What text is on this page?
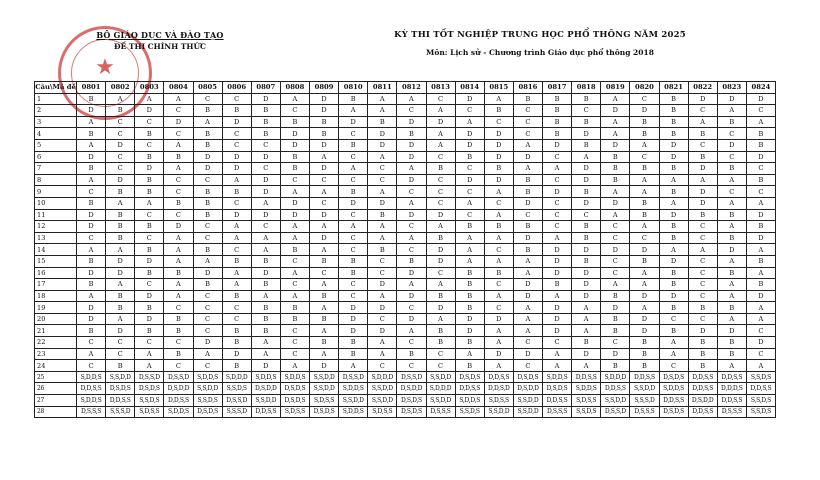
★
BỘ GIÁO DỤC VÀ ĐÀO TẠO
ĐỀ THI CHÍNH THỨC
KỲ THI TỐT NGHIỆP TRUNG HỌC PHỔ THÔNG NĂM 2025
Môn: Lịch sử - Chương trình Giáo dục phổ thông 2018
Câu\Mã đề	0801	0802	0803	0804	0805	0806	0807	0808	0809	0810	0811	0812	0813	0814	0815	0816	0817	0818	0819	0820	0821	0822	0823	0824
1	B	A	A	A	C	C	D	A	D	B	A	A	C	D	A	B	B	B	A	C	B	D	D	D
2	D	B	D	C	B	B	B	C	D	A	A	C	A	C	B	C	B	C	D	D	B	C	A	C
3	A	C	C	D	A	D	B	B	B	D	B	D	D	A	C	C	B	B	A	B	B	A	B	A
4	B	C	B	C	B	C	B	D	B	C	D	B	A	D	D	C	B	D	A	B	B	B	C	B
5	A	D	C	A	B	C	C	D	D	B	D	D	A	D	D	A	D	B	D	A	D	C	D	B
6	D	C	B	B	D	D	D	B	A	C	A	D	C	B	D	D	C	A	B	C	D	B	C	D
7	B	C	D	A	D	D	C	B	D	A	C	A	B	C	B	A	A	D	B	B	B	D	B	C
8	A	D	B	C	C	A	D	C	C	C	C	D	C	D	D	B	C	D	B	A	A	A	A	B
9	C	B	B	C	B	B	D	A	A	B	A	C	C	C	A	B	D	B	A	A	B	D	C	C
10	B	A	A	B	B	C	A	D	C	D	D	A	C	A	C	D	C	D	D	B	A	D	A	A
11	D	B	C	C	B	D	D	D	D	C	B	D	D	C	A	C	C	C	A	B	D	B	B	D
12	D	B	B	D	C	A	C	A	A	A	A	C	A	B	B	B	C	B	C	A	B	C	A	B
13	C	B	C	A	C	A	A	A	D	C	A	A	B	A	A	D	A	B	C	C	B	C	B	D
14	A	A	B	A	B	C	A	B	A	C	B	C	D	A	C	B	D	D	D	D	A	A	D	A
15	B	D	D	A	A	B	B	C	B	B	C	B	D	A	A	A	D	B	C	B	D	C	A	B
16	D	D	B	B	D	A	D	A	C	B	C	D	C	B	B	A	D	D	C	A	B	C	B	A
17	B	A	C	A	B	A	B	C	A	C	D	A	A	B	C	D	B	D	A	A	B	C	A	B
18	A	B	D	A	C	B	A	A	B	C	A	D	B	B	A	D	A	D	B	D	D	C	A	D
19	D	B	B	C	C	C	B	B	A	D	D	C	D	B	C	A	D	A	D	A	B	B	B	A
20	D	A	D	B	C	C	B	B	B	D	C	D	A	D	D	A	D	A	B	D	C	C	A	A
21	B	D	B	B	C	B	B	C	A	D	D	A	B	D	A	A	D	A	B	D	B	D	D	C
22	C	C	C	C	D	B	A	C	B	B	A	C	B	B	A	C	C	B	C	B	A	B	B	D
23	A	C	A	B	A	D	A	C	A	B	A	B	C	A	D	D	A	D	D	B	A	B	B	C
24	C	B	A	C	C	B	D	A	D	A	C	C	C	B	A	C	A	A	B	B	C	B	A	A
25	S,D,D,S	S,S,D,D	D,S,S,D	D,S,S,D	S,D,D,S	S,D,D,D	S,D,D,S	S,D,D,S	S,S,D,D	D,S,S,D	S,D,D,D	D,S,S,D	S,S,D,D	D,S,D,S	D,D,S,S	D,S,D,S	S,D,D,S	D,D,S,S	S,D,D,D	D,D,S,S	D,S,D,S	D,D,S,S	D,D,S,S	S,S,D,S
26	D,D,S,S	D,S,D,S	D,S,D,S	D,S,D,D	S,S,D,D	S,S,D,S	D,S,D,D	D,S,D,S	S,S,D,D	S,D,D,S	S,S,D,D	D,S,D,D	S,D,D,D	D,D,S,S	D,D,S,D	D,S,D,D	D,S,D,S	S,D,D,S	D,D,S,S	S,S,D,D	S,D,D,S	D,D,S,S	D,D,D,S	D,D,S,S
27	S,D,D,S	D,D,S,S	S,S,D,S	D,D,S,S	S,S,D,S	D,S,S,D	S,S,D,D	D,S,D,S	S,D,S,S	S,S,D,D	S,S,D,D	D,S,D,S	S,S,D,D	S,D,D,S	S,D,S,S	S,S,D,D	D,D,S,S	S,D,S,S	S,S,D,D	S,S,S,D	D,D,S,S	D,S,D,D	D,D,S,S	S,S,D,S
28	D,S,S,S	S,S,S,D	S,D,S,S	S,D,D,S	D,S,D,S	S,S,S,D	D,D,S,S	S,D,S,S	D,S,D,S	S,D,D,S	S,D,S,S	D,S,D,S	D,S,S,S	S,S,D,S	S,S,D,D	S,S,D,D	D,S,S,S	S,S,D,S	D,S,S,D	D,S,S,S	D,S,D,S	D,D,S,S	D,S,S,S	S,S,D,S
